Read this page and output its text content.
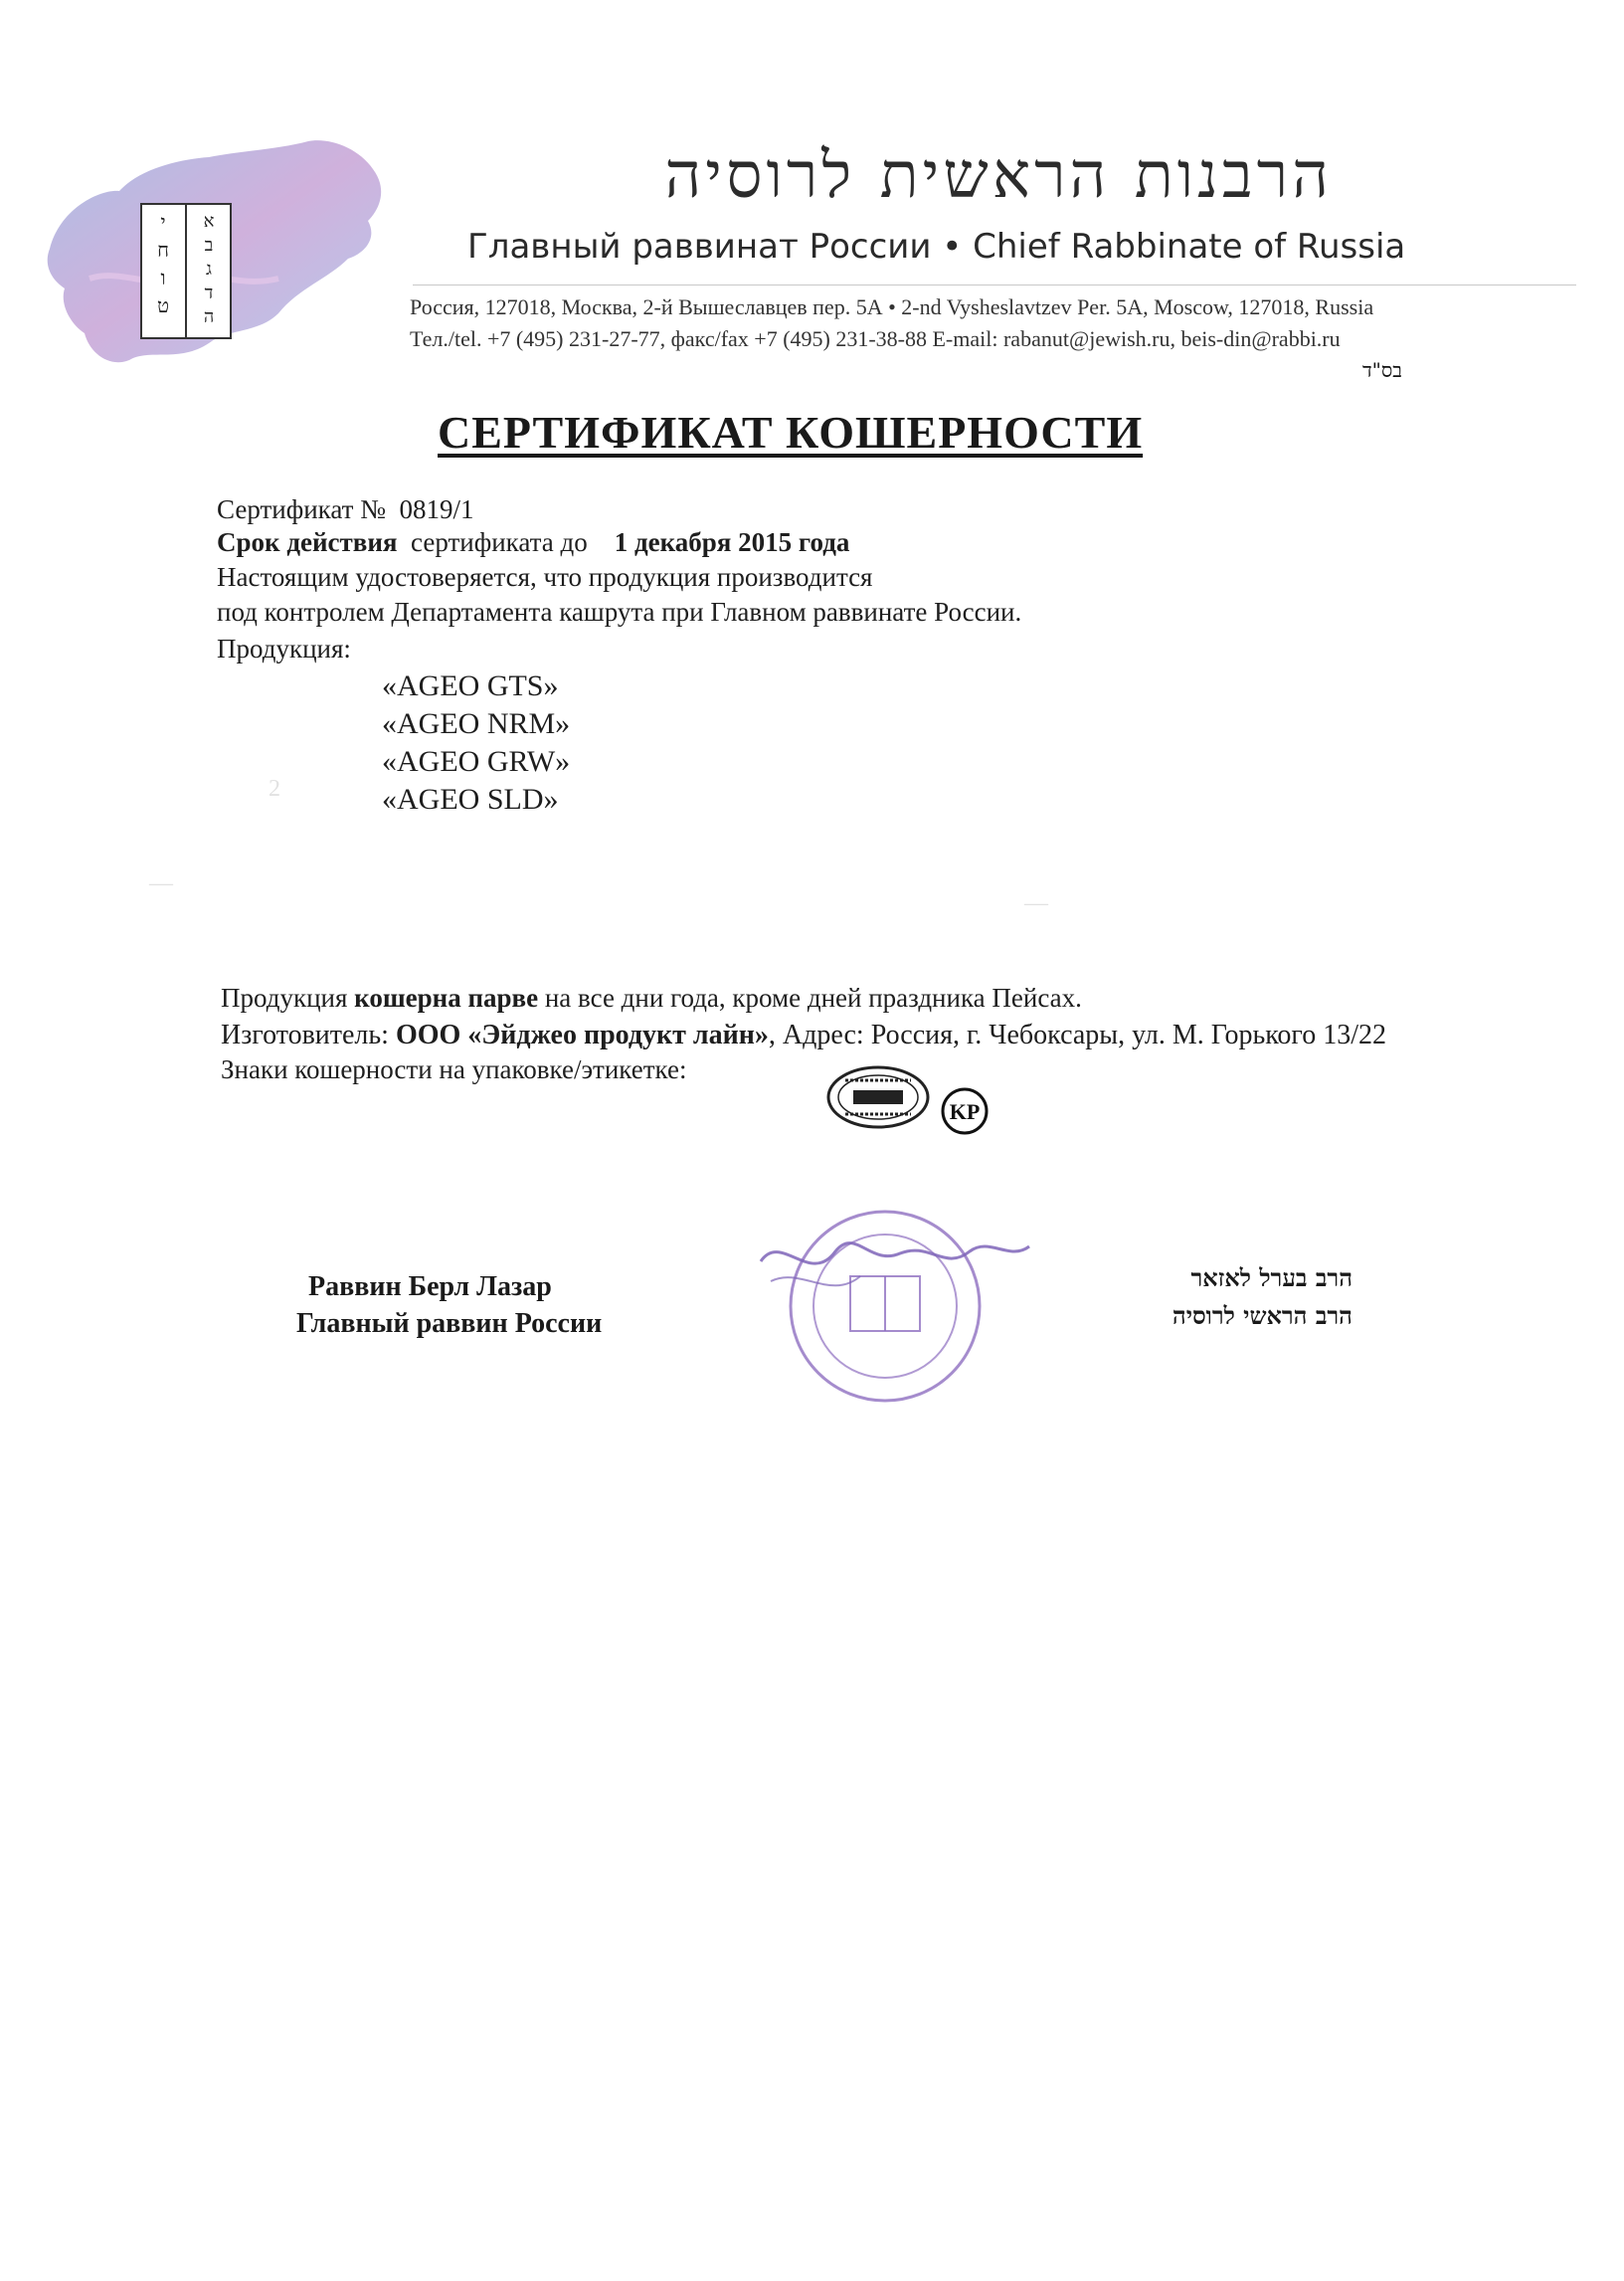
י
ח
ו
ט
א
ב
ג
ד
ה
הרבנות הראשית לרוסיה
Главный раввинат России • Chief Rabbinate of Russia
Россия, 127018, Москва, 2-й Вышеславцев пер. 5А • 2-nd Vysheslavtzev Per. 5A, Moscow, 127018, Russia
Тел./tel. +7 (495) 231-27-77, факс/fax +7 (495) 231-38-88 E-mail: rabanut@jewish.ru, beis-din@rabbi.ru
בס"ד
СЕРТИФИКАТ КОШЕРНОСТИ
Сертификат № 0819/1
Срок действия сертификата до 1 декабря 2015 года
Настоящим удостоверяется, что продукция производится
под контролем Департамента кашрута при Главном раввинате России.
Продукция:
«AGEO GTS»
«AGEO NRM»
«AGEO GRW»
«AGEO SLD»
2
—
—
Продукция кошерна парве на все дни года, кроме дней праздника Пейсах.
Изготовитель: ООО «Эйджео продукт лайн», Адрес: Россия, г. Чебоксары, ул. М. Горького 13/22
Знаки кошерности на упаковке/этикетке:
KP
Раввин Берл Лазар
Главный раввин России
הרב בערל לאזאר
הרב הראשי לרוסיה
